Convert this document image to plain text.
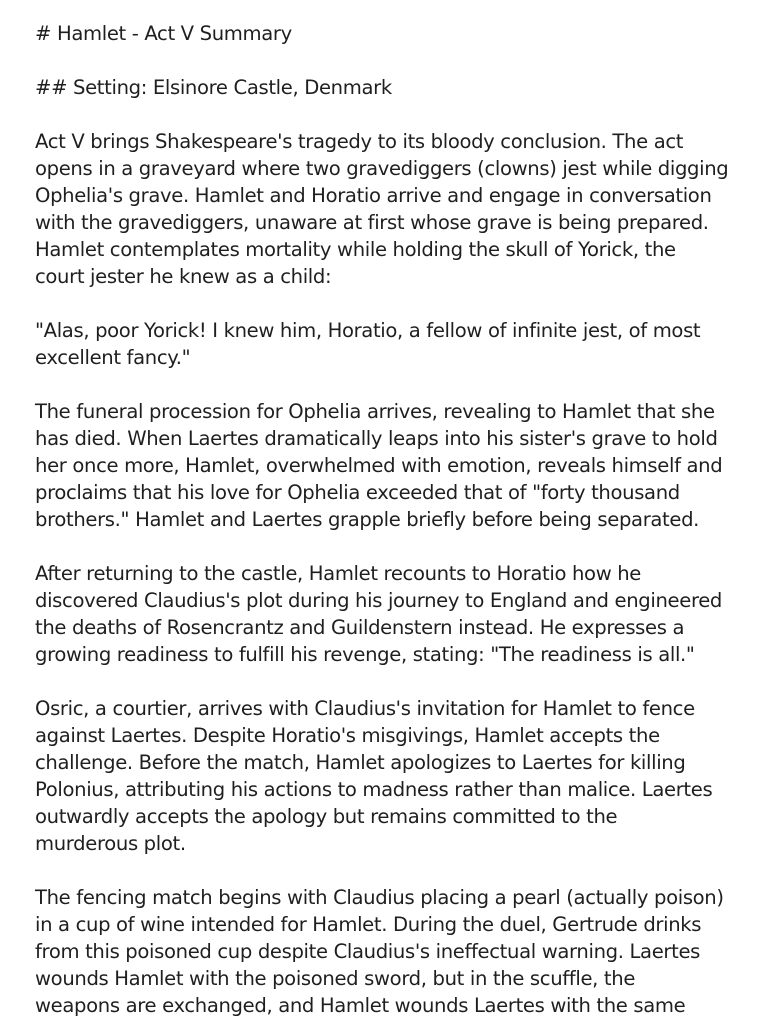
# Hamlet - Act V Summary

## Setting: Elsinore Castle, Denmark

Act V brings Shakespeare's tragedy to its bloody conclusion. The act

opens in a graveyard where two gravediggers (clowns) jest while digging

Ophelia's grave. Hamlet and Horatio arrive and engage in conversation

with the gravediggers, unaware at first whose grave is being prepared.

Hamlet contemplates mortality while holding the skull of Yorick, the

court jester he knew as a child:

"Alas, poor Yorick! I knew him, Horatio, a fellow of infinite jest, of most

excellent fancy."

The funeral procession for Ophelia arrives, revealing to Hamlet that she

has died. When Laertes dramatically leaps into his sister's grave to hold

her once more, Hamlet, overwhelmed with emotion, reveals himself and

proclaims that his love for Ophelia exceeded that of "forty thousand

brothers." Hamlet and Laertes grapple briefly before being separated.

After returning to the castle, Hamlet recounts to Horatio how he

discovered Claudius's plot during his journey to England and engineered

the deaths of Rosencrantz and Guildenstern instead. He expresses a

growing readiness to fulfill his revenge, stating: "The readiness is all."

Osric, a courtier, arrives with Claudius's invitation for Hamlet to fence

against Laertes. Despite Horatio's misgivings, Hamlet accepts the

challenge. Before the match, Hamlet apologizes to Laertes for killing

Polonius, attributing his actions to madness rather than malice. Laertes

outwardly accepts the apology but remains committed to the

murderous plot.

The fencing match begins with Claudius placing a pearl (actually poison)

in a cup of wine intended for Hamlet. During the duel, Gertrude drinks

from this poisoned cup despite Claudius's ineffectual warning. Laertes

wounds Hamlet with the poisoned sword, but in the scuffle, the

weapons are exchanged, and Hamlet wounds Laertes with the same
